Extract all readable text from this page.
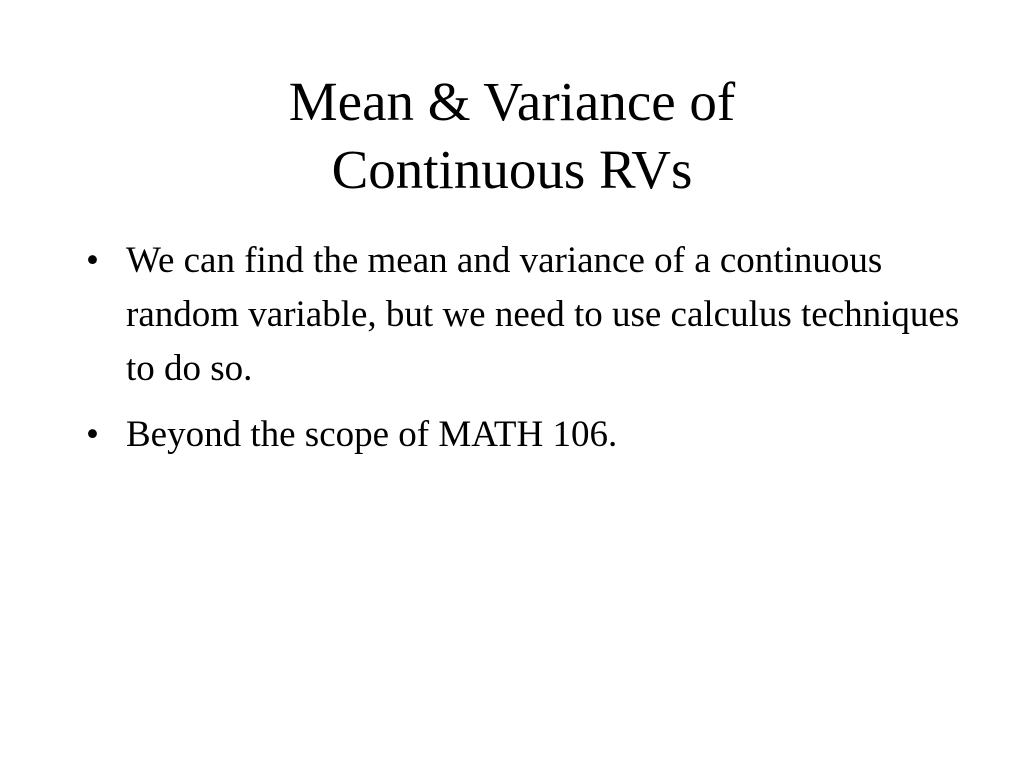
Mean & Variance of
Continuous RVs
• We can find the mean and variance of a continuous random variable, but we need to use calculus techniques to do so.
• Beyond the scope of MATH 106.
